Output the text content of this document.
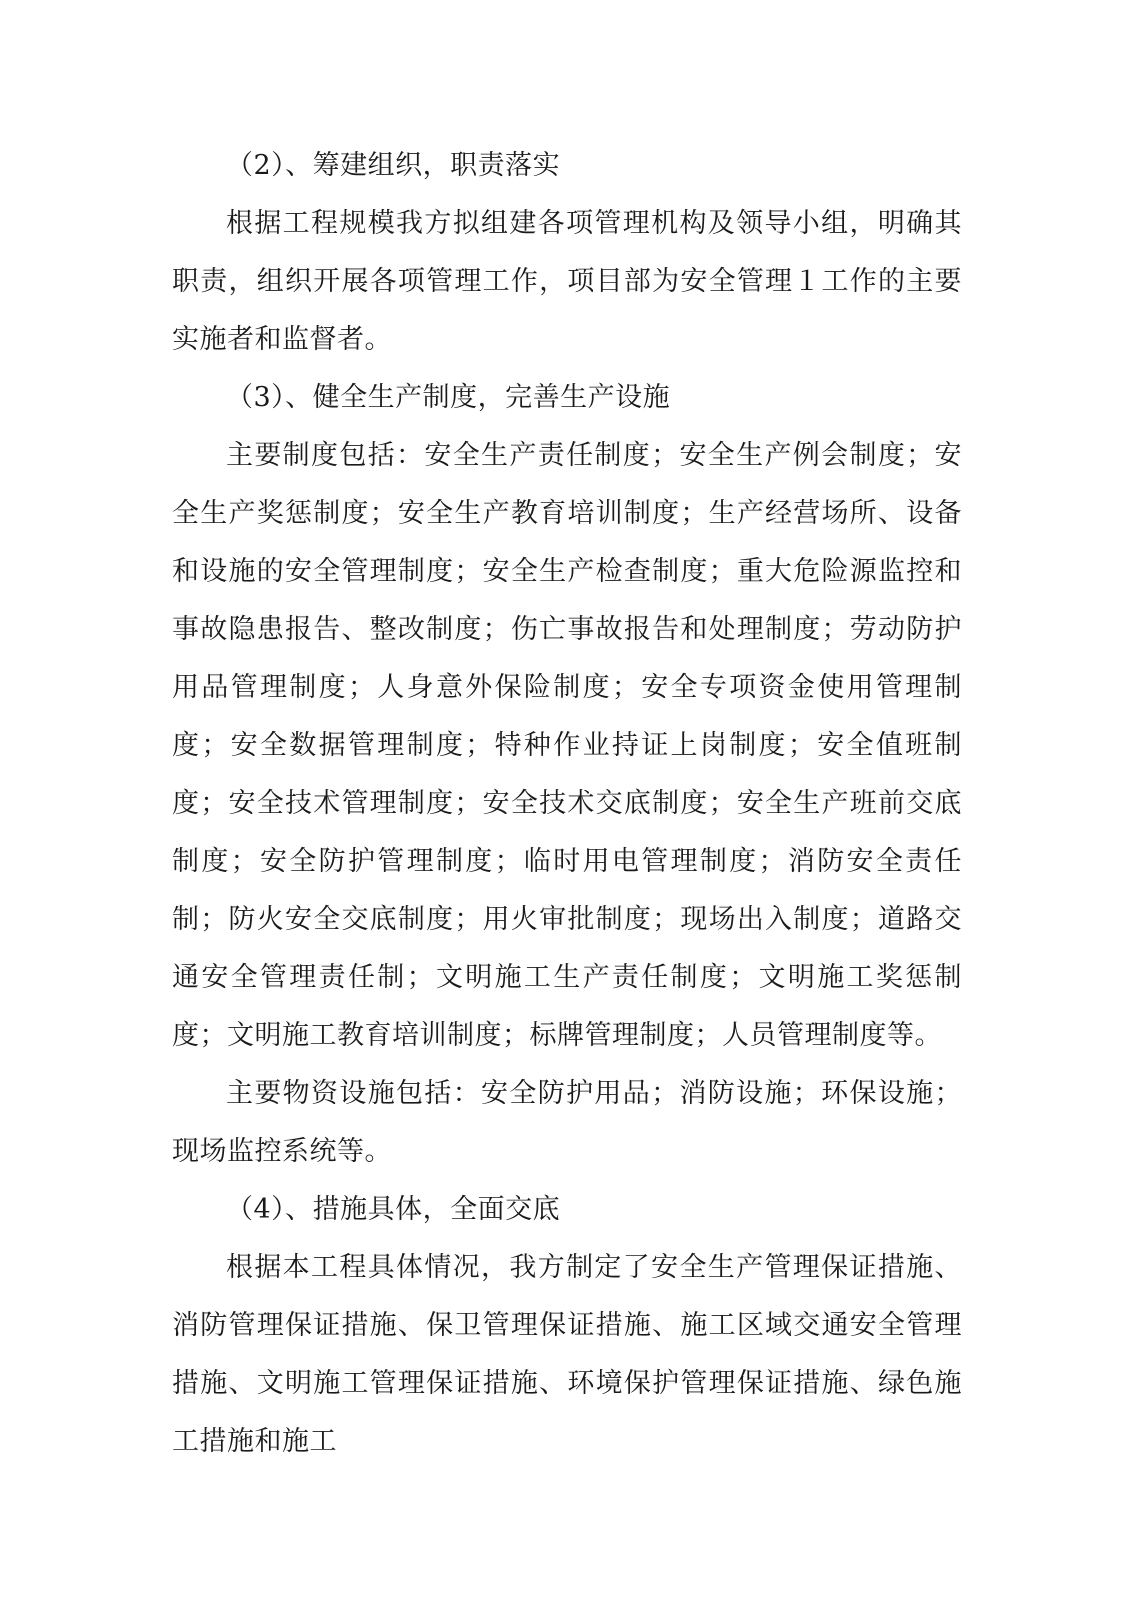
（2）、筹建组织，职责落实

根据工程规模我方拟组建各项管理机构及领导小组，明确其职责，组织开展各项管理工作，项目部为安全管理１工作的主要实施者和监督者。

（3）、健全生产制度，完善生产设施

主要制度包括：安全生产责任制度；安全生产例会制度；安全生产奖惩制度；安全生产教育培训制度；生产经营场所、设备和设施的安全管理制度；安全生产检查制度；重大危险源监控和事故隐患报告、整改制度；伤亡事故报告和处理制度；劳动防护用品管理制度；人身意外保险制度；安全专项资金使用管理制度；安全数据管理制度；特种作业持证上岗制度；安全值班制度；安全技术管理制度；安全技术交底制度；安全生产班前交底制度；安全防护管理制度；临时用电管理制度；消防安全责任制；防火安全交底制度；用火审批制度；现场出入制度；道路交通安全管理责任制；文明施工生产责任制度；文明施工奖惩制度；文明施工教育培训制度；标牌管理制度；人员管理制度等。

主要物资设施包括：安全防护用品；消防设施；环保设施；现场监控系统等。

（4）、措施具体，全面交底

根据本工程具体情况，我方制定了安全生产管理保证措施、消防管理保证措施、保卫管理保证措施、施工区域交通安全管理措施、文明施工管理保证措施、环境保护管理保证措施、绿色施工措施和施工
